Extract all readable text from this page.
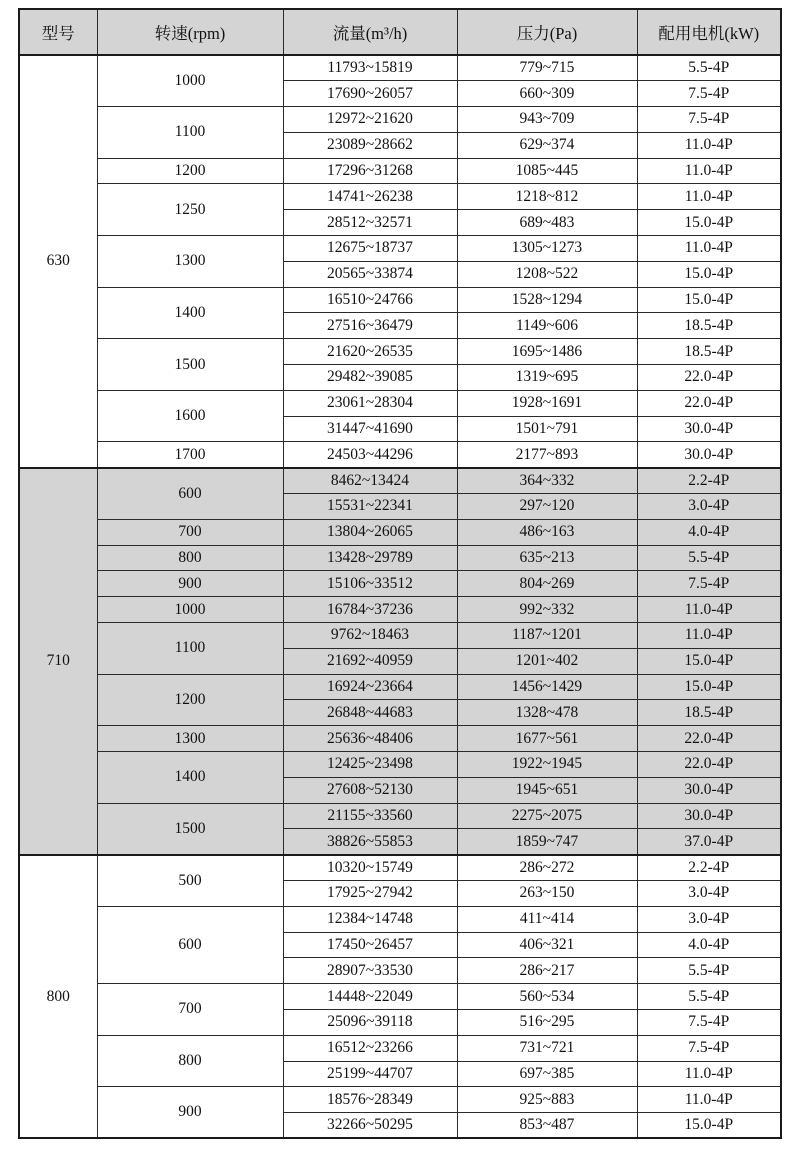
型号	转速(rpm)	流量(m³/h)	压力(Pa)	配用电机(kW)
630	1000	11793~15819	779~715	5.5-4P
		17690~26057	660~309	7.5-4P
	1100	12972~21620	943~709	7.5-4P
		23089~28662	629~374	11.0-4P
	1200	17296~31268	1085~445	11.0-4P
	1250	14741~26238	1218~812	11.0-4P
		28512~32571	689~483	15.0-4P
	1300	12675~18737	1305~1273	11.0-4P
		20565~33874	1208~522	15.0-4P
	1400	16510~24766	1528~1294	15.0-4P
		27516~36479	1149~606	18.5-4P
	1500	21620~26535	1695~1486	18.5-4P
		29482~39085	1319~695	22.0-4P
	1600	23061~28304	1928~1691	22.0-4P
		31447~41690	1501~791	30.0-4P
	1700	24503~44296	2177~893	30.0-4P
710	600	8462~13424	364~332	2.2-4P
		15531~22341	297~120	3.0-4P
	700	13804~26065	486~163	4.0-4P
	800	13428~29789	635~213	5.5-4P
	900	15106~33512	804~269	7.5-4P
	1000	16784~37236	992~332	11.0-4P
	1100	9762~18463	1187~1201	11.0-4P
		21692~40959	1201~402	15.0-4P
	1200	16924~23664	1456~1429	15.0-4P
		26848~44683	1328~478	18.5-4P
	1300	25636~48406	1677~561	22.0-4P
	1400	12425~23498	1922~1945	22.0-4P
		27608~52130	1945~651	30.0-4P
	1500	21155~33560	2275~2075	30.0-4P
		38826~55853	1859~747	37.0-4P
800	500	10320~15749	286~272	2.2-4P
		17925~27942	263~150	3.0-4P
	600	12384~14748	411~414	3.0-4P
		17450~26457	406~321	4.0-4P
		28907~33530	286~217	5.5-4P
	700	14448~22049	560~534	5.5-4P
		25096~39118	516~295	7.5-4P
	800	16512~23266	731~721	7.5-4P
		25199~44707	697~385	11.0-4P
	900	18576~28349	925~883	11.0-4P
		32266~50295	853~487	15.0-4P
